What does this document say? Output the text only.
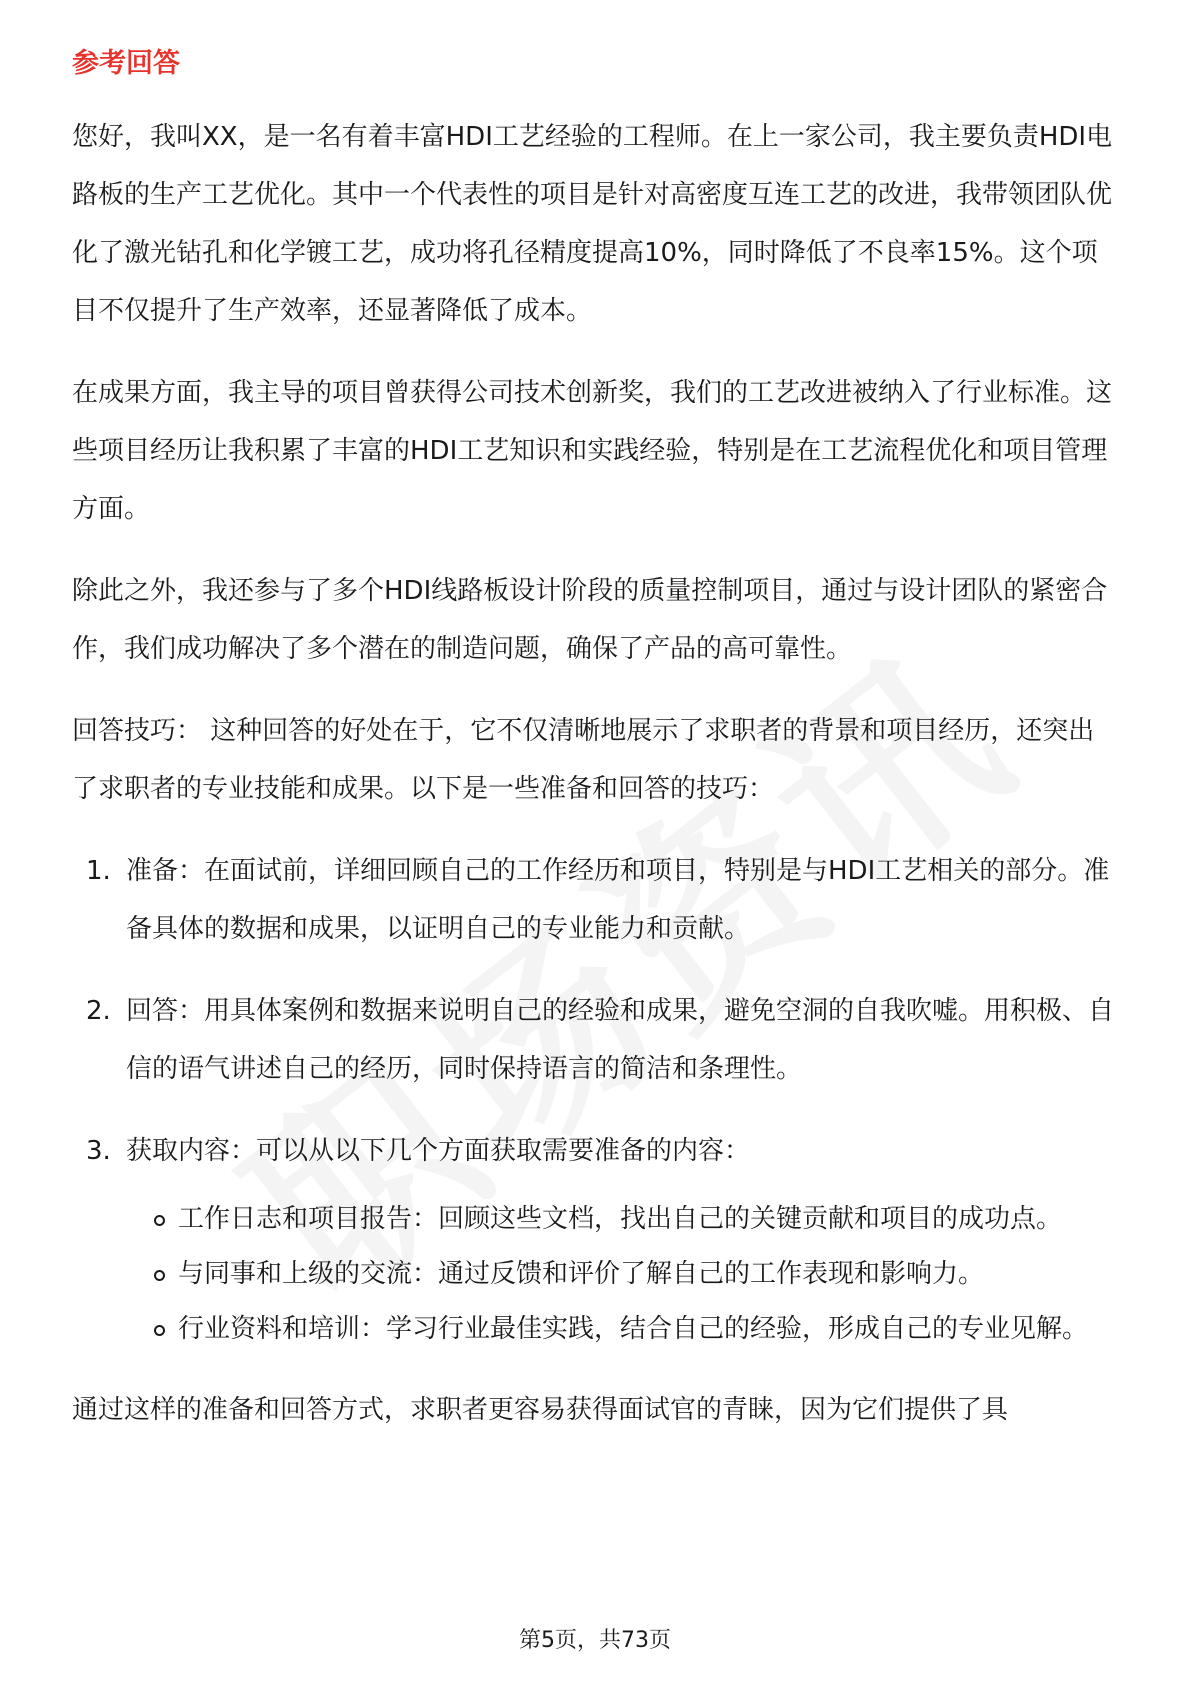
参考回答

您好，我叫XX，是一名有着丰富HDI工艺经验的工程师。在上一家公司，我主要负责HDI电路板的生产工艺优化。其中一个代表性的项目是针对高密度互连工艺的改进，我带领团队优化了激光钻孔和化学镀工艺，成功将孔径精度提高10%，同时降低了不良率15%。这个项目不仅提升了生产效率，还显著降低了成本。

在成果方面，我主导的项目曾获得公司技术创新奖，我们的工艺改进被纳入了行业标准。这些项目经历让我积累了丰富的HDI工艺知识和实践经验，特别是在工艺流程优化和项目管理方面。

除此之外，我还参与了多个HDI线路板设计阶段的质量控制项目，通过与设计团队的紧密合作，我们成功解决了多个潜在的制造问题，确保了产品的高可靠性。

回答技巧： 这种回答的好处在于，它不仅清晰地展示了求职者的背景和项目经历，还突出了求职者的专业技能和成果。以下是一些准备和回答的技巧：

1. 准备：在面试前，详细回顾自己的工作经历和项目，特别是与HDI工艺相关的部分。准备具体的数据和成果，以证明自己的专业能力和贡献。
2. 回答：用具体案例和数据来说明自己的经验和成果，避免空洞的自我吹嘘。用积极、自信的语气讲述自己的经历，同时保持语言的简洁和条理性。
3. 获取内容：可以从以下几个方面获取需要准备的内容：
工作日志和项目报告：回顾这些文档，找出自己的关键贡献和项目的成功点。
与同事和上级的交流：通过反馈和评价了解自己的工作表现和影响力。
行业资料和培训：学习行业最佳实践，结合自己的经验，形成自己的专业见解。

通过这样的准备和回答方式，求职者更容易获得面试官的青睐，因为它们提供了具

第5页，共73页
